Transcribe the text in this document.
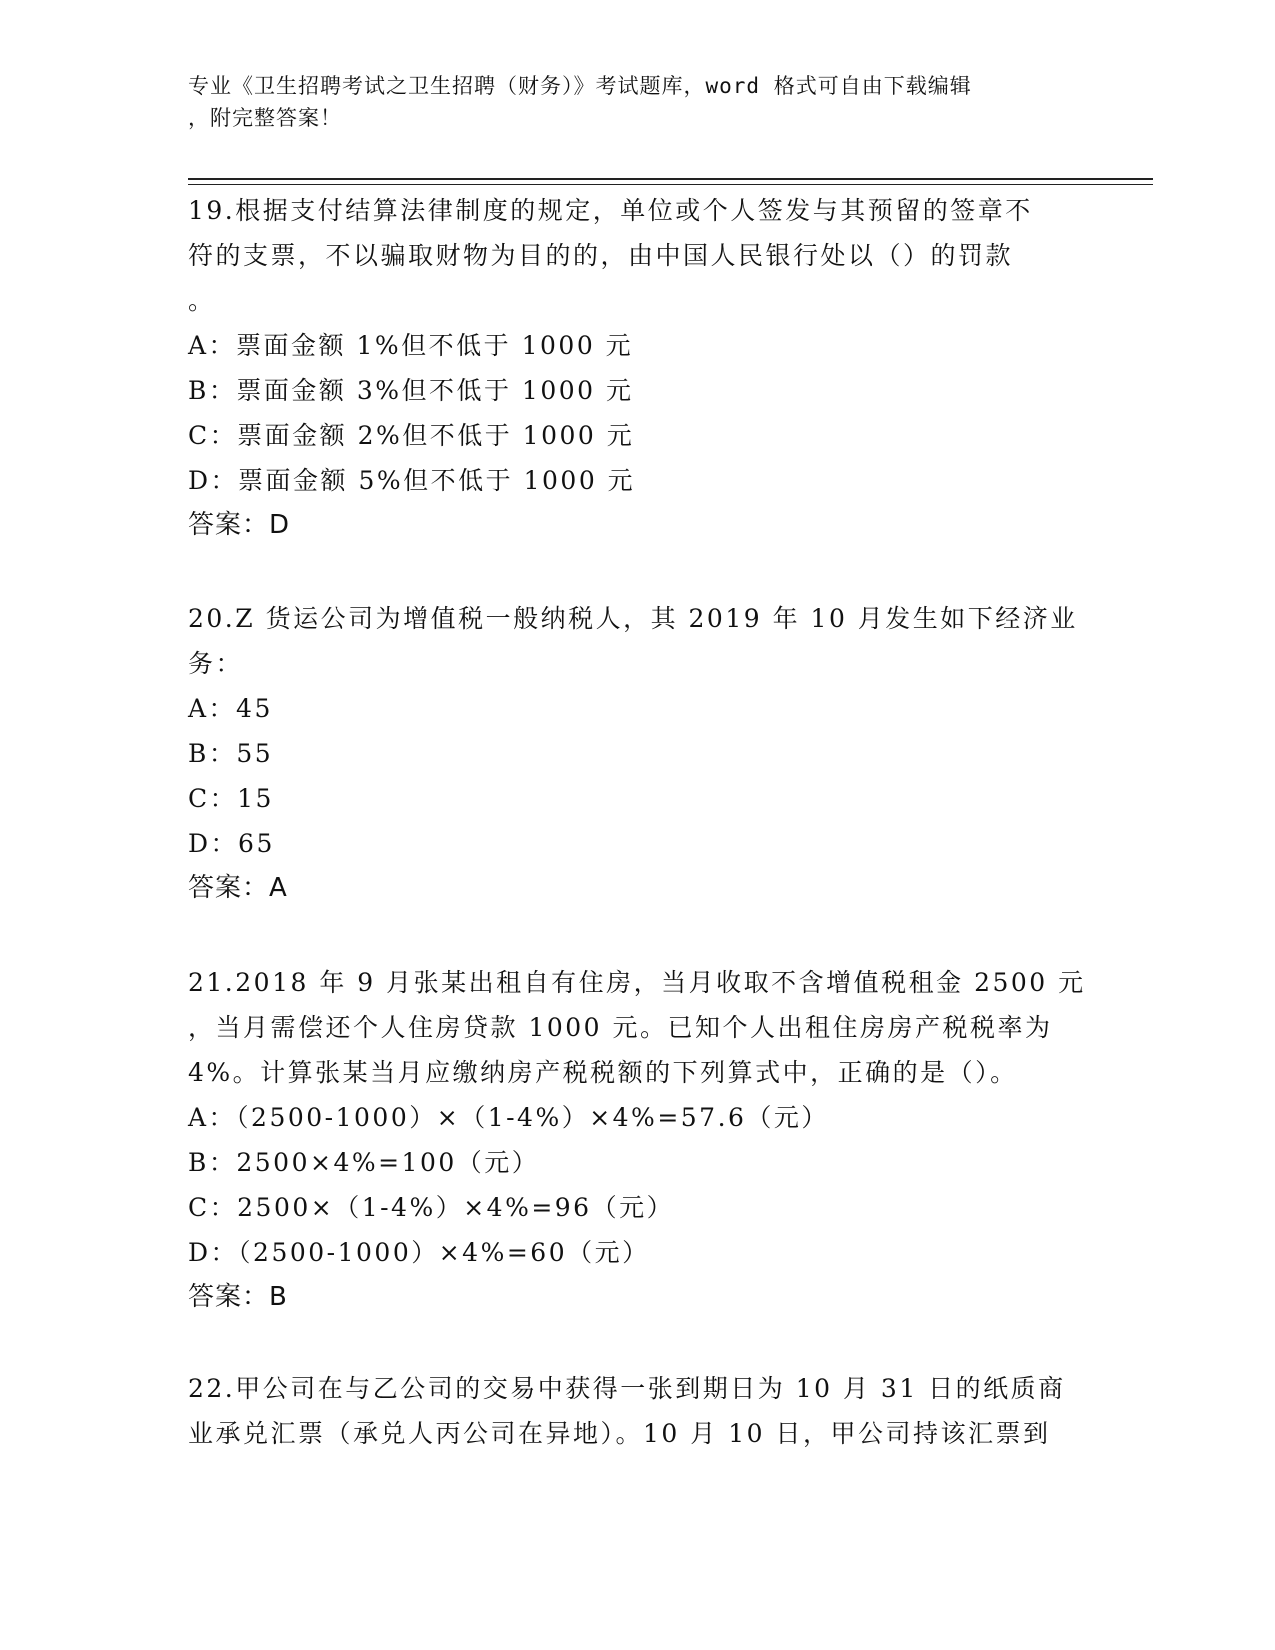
专业《卫生招聘考试之卫生招聘（财务）》考试题库，word 格式可自由下载编辑
，附完整答案！
19.根据支付结算法律制度的规定，单位或个人签发与其预留的签章不
符的支票，不以骗取财物为目的的，由中国人民银行处以（）的罚款
。
A：票面金额 1%但不低于 1000 元
B：票面金额 3%但不低于 1000 元
C：票面金额 2%但不低于 1000 元
D：票面金额 5%但不低于 1000 元
答案：D
20.Z 货运公司为增值税一般纳税人，其 2019 年 10 月发生如下经济业
务：
A：45
B：55
C：15
D：65
答案：A
21.2018 年 9 月张某出租自有住房，当月收取不含增值税租金 2500 元
，当月需偿还个人住房贷款 1000 元。已知个人出租住房房产税税率为
4%。计算张某当月应缴纳房产税税额的下列算式中，正确的是（）。
A：（2500-1000）×（1-4%）×4%=57.6（元）
B：2500×4%=100（元）
C：2500×（1-4%）×4%=96（元）
D：（2500-1000）×4%=60（元）
答案：B
22.甲公司在与乙公司的交易中获得一张到期日为 10 月 31 日的纸质商
业承兑汇票（承兑人丙公司在异地）。10 月 10 日，甲公司持该汇票到
